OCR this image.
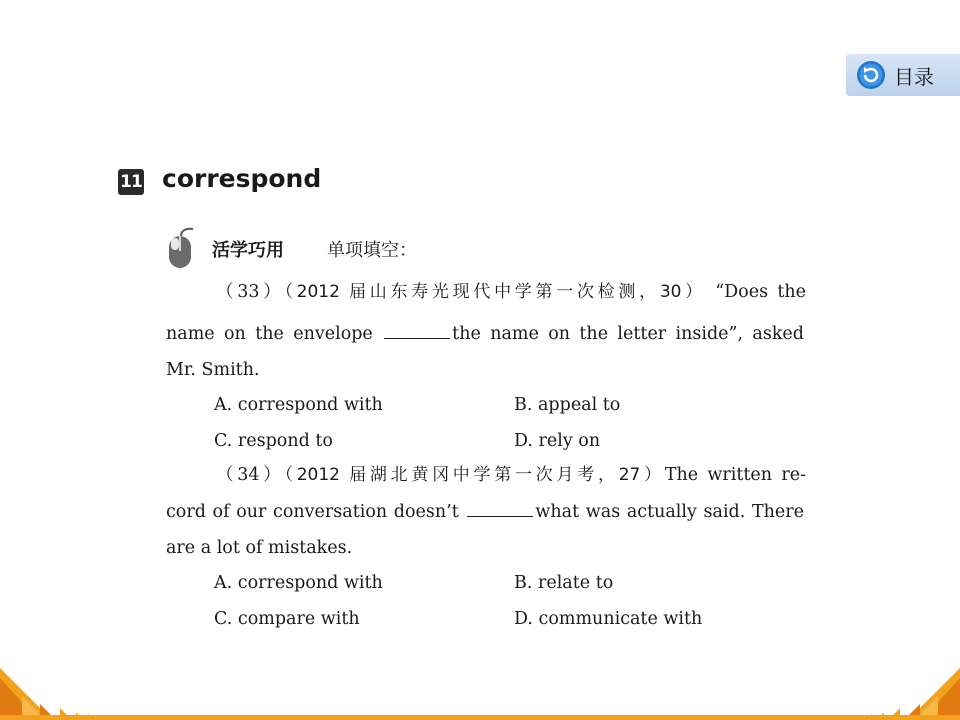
目录
11 correspond
活学巧用 单项填空：
（33）（2012 届山东寿光现代中学第一次检测，30） “Does the
name on the envelope	the name on the letter inside”, asked
Mr. Smith.
A. correspond with	B. appeal to
C. respond to	D. rely on
（34）（2012 届湖北黄冈中学第一次月考，27）The written re-
cord of our conversation doesn’t	what was actually said. There
are a lot of mistakes.
A. correspond with	B. relate to
C. compare with	D. communicate with
